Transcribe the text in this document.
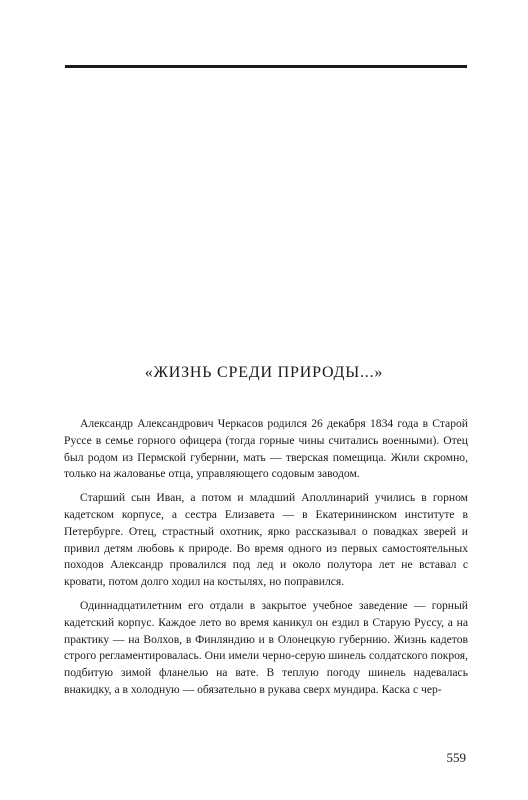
«ЖИЗНЬ СРЕДИ ПРИРОДЫ...»

Александр Александрович Черкасов родился 26 декабря 1834 года в Старой Руссе в семье горного офицера (тогда горные чины считались военными). Отец был родом из Пермской губернии, мать — тверская помещица. Жили скромно, только на жалованье отца, управляющего содовым заводом.

Старший сын Иван, а потом и младший Аполлинарий учились в горном кадетском корпусе, а сестра Елизавета — в Екатерининском институте в Петербурге. Отец, страстный охотник, ярко рассказывал о повадках зверей и привил детям любовь к природе. Во время одного из первых самостоятельных походов Александр провалился под лед и около полутора лет не вставал с кровати, потом долго ходил на костылях, но поправился.

Одиннадцатилетним его отдали в закрытое учебное заведение — горный кадетский корпус. Каждое лето во время каникул он ездил в Старую Руссу, а на практику — на Волхов, в Финляндию и в Олонецкую губернию. Жизнь кадетов строго регламентировалась. Они имели черно-серую шинель солдатского покроя, подбитую зимой фланелью на вате. В теплую погоду шинель надевалась внакидку, а в холодную — обязательно в рукава сверх мундира. Каска с чер-

559
